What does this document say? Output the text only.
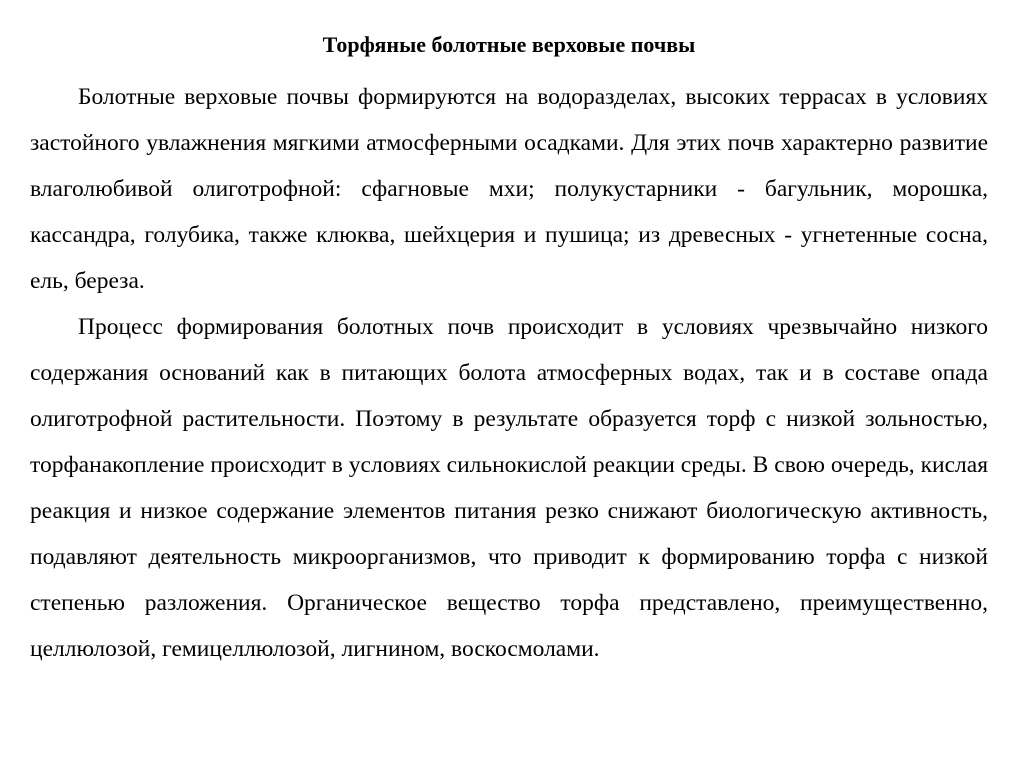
Торфяные болотные верховые почвы

Болотные верховые почвы формируются на водоразделах, высоких террасах в условиях застойного увлажнения мягкими атмосферными осадками. Для этих почв характерно развитие влаголюбивой олиготрофной: сфагновые мхи; полукустарники - багульник, морошка, кассандра, голубика, также клюква, шейхцерия и пушица; из древесных - угнетенные сосна, ель, береза.

Процесс формирования болотных почв происходит в условиях чрезвычайно низкого содержания оснований как в питающих болота атмосферных водах, так и в составе опада олиготрофной растительности. Поэтому в результате образуется торф с низкой зольностью, торфанакопление происходит в условиях сильнокислой реакции среды. В свою очередь, кислая реакция и низкое содержание элементов питания резко снижают биологическую активность, подавляют деятельность микроорганизмов, что приводит к формированию торфа с низкой степенью разложения. Органическое вещество торфа представлено, преимущественно, целлюлозой, гемицеллюлозой, лигнином, воскосмолами.
